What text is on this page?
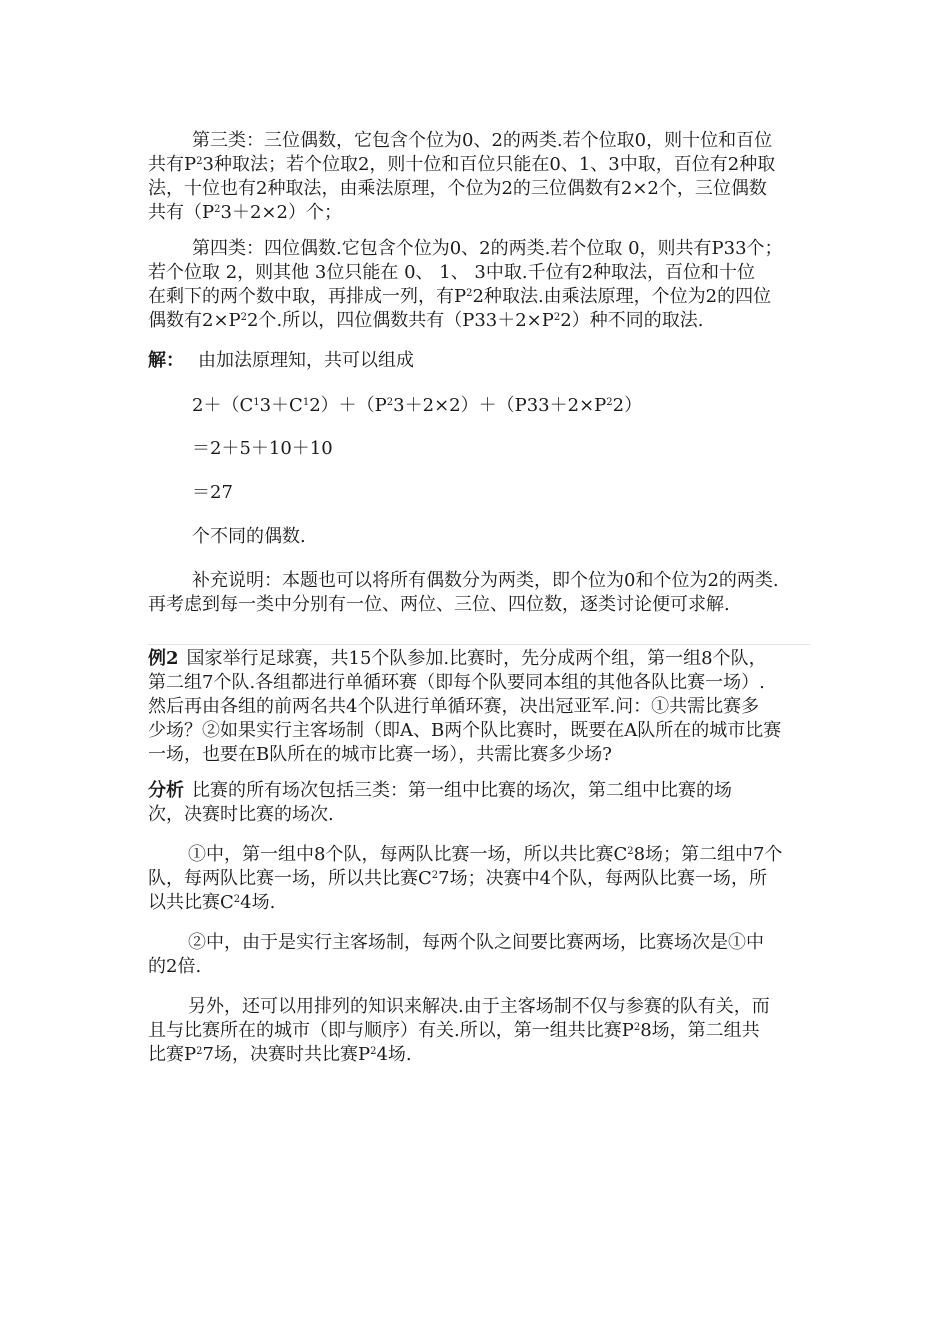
第三类：三位偶数，它包含个位为0、2的两类.若个位取0，则十位和百位
共有$P^23$种取法；若个位取2，则十位和百位只能在0、1、3中取，百位有2种取
法，十位也有2种取法，由乘法原理，个位为2的三位偶数有2×2个，三位偶数
共有$(P^23+2\times 2)$个；
第四类：四位偶数.它包含个位为0、2的两类.若个位取 0，则共有P33个；
若个位取 2，则其他 3位只能在 0、 1、 3中取.千位有2种取法，百位和十位
在剩下的两个数中取，再排成一列，有$P^22$种取法.由乘法原理，个位为2的四位
偶数有$2\times P^22$个.所以，四位偶数共有$(P33+2\times P^22)$种不同的取法.
解： 由加法原理知，共可以组成
$2+(C^13+C^12)+(P^23+2\times 2)+(P33+2\times P^22)$
＝2＋5＋10＋10
＝27
个不同的偶数.
补充说明：本题也可以将所有偶数分为两类，即个位为0和个位为2的两类.
再考虑到每一类中分别有一位、两位、三位、四位数，逐类讨论便可求解.
例2 国家举行足球赛，共15个队参加.比赛时，先分成两个组，第一组8个队，
第二组7个队.各组都进行单循环赛（即每个队要同本组的其他各队比赛一场）.
然后再由各组的前两名共4个队进行单循环赛，决出冠亚军.问：①共需比赛多
少场？②如果实行主客场制（即A、B两个队比赛时，既要在A队所在的城市比赛
一场，也要在B队所在的城市比赛一场），共需比赛多少场?
分析 比赛的所有场次包括三类：第一组中比赛的场次，第二组中比赛的场
次，决赛时比赛的场次.
①中，第一组中8个队，每两队比赛一场，所以共比赛$C^28$场；第二组中7个
队，每两队比赛一场，所以共比赛$C^27$场；决赛中4个队，每两队比赛一场，所
以共比赛$C^24$场.
②中，由于是实行主客场制，每两个队之间要比赛两场，比赛场次是①中
的2倍.
另外，还可以用排列的知识来解决.由于主客场制不仅与参赛的队有关，而
且与比赛所在的城市（即与顺序）有关.所以，第一组共比赛$P^28$场，第二组共
比赛$P^27$场，决赛时共比赛$P^24$场.
